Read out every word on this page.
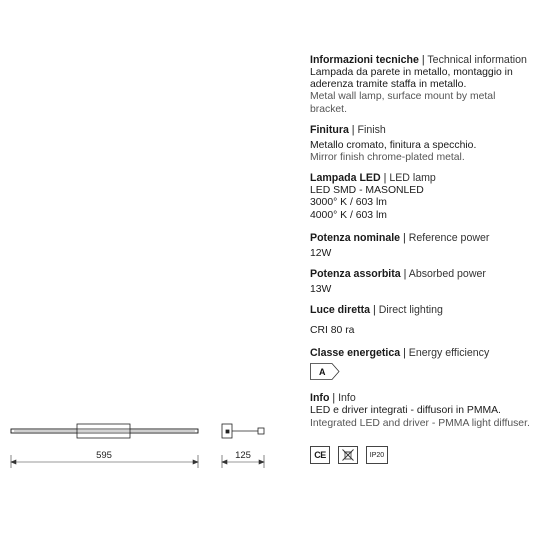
595	125
Informazioni tecniche | Technical information
Lampada da parete in metallo, montaggio in
aderenza tramite staffa in metallo.
Metal wall lamp, surface mount by metal
bracket.
Finitura | Finish
Metallo cromato, finitura a specchio.
Mirror finish chrome-plated metal.
Lampada LED | LED lamp
LED SMD - MASONLED
3000° K / 603 lm
4000° K / 603 lm
Potenza nominale | Reference power
12W
Potenza assorbita | Absorbed power
13W
Luce diretta | Direct lighting
CRI 80 ra
Classe energetica | Energy efficiency
A
Info | Info
LED e driver integrati - diffusori in PMMA.
Integrated LED and driver - PMMA light diffuser.
CE	IP20
